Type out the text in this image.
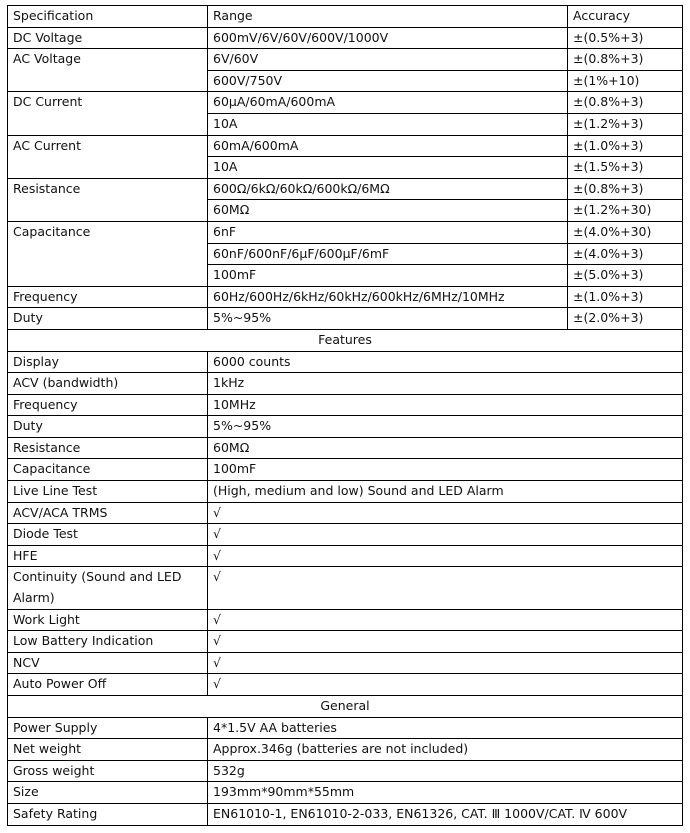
Specification	Range	Accuracy
DC Voltage	600mV/6V/60V/600V/1000V	±(0.5%+3)
AC Voltage	6V/60V	±(0.8%+3)
	600V/750V	±(1%+10)
DC Current	60μA/60mA/600mA	±(0.8%+3)
	10A	±(1.2%+3)
AC Current	60mA/600mA	±(1.0%+3)
	10A	±(1.5%+3)
Resistance	600Ω/6kΩ/60kΩ/600kΩ/6MΩ	±(0.8%+3)
	60MΩ	±(1.2%+30)
Capacitance	6nF	±(4.0%+30)
	60nF/600nF/6μF/600μF/6mF	±(4.0%+3)
	100mF	±(5.0%+3)
Frequency	60Hz/600Hz/6kHz/60kHz/600kHz/6MHz/10MHz	±(1.0%+3)
Duty	5%~95%	±(2.0%+3)
Features		
Display	6000 counts	
ACV (bandwidth)	1kHz	
Frequency	10MHz	
Duty	5%~95%	
Resistance	60MΩ	
Capacitance	100mF	
Live Line Test	(High, medium and low) Sound and LED Alarm	
ACV/ACA TRMS	√	
Diode Test	√	
HFE	√	
Continuity (Sound and LED Alarm)	√	
Work Light	√	
Low Battery Indication	√	
NCV	√	
Auto Power Off	√	
General		
Power Supply	4*1.5V AA batteries	
Net weight	Approx.346g (batteries are not included)	
Gross weight	532g	
Size	193mm*90mm*55mm	
Safety Rating	EN61010-1, EN61010-2-033, EN61326, CAT. Ⅲ 1000V/CAT. Ⅳ 600V	
